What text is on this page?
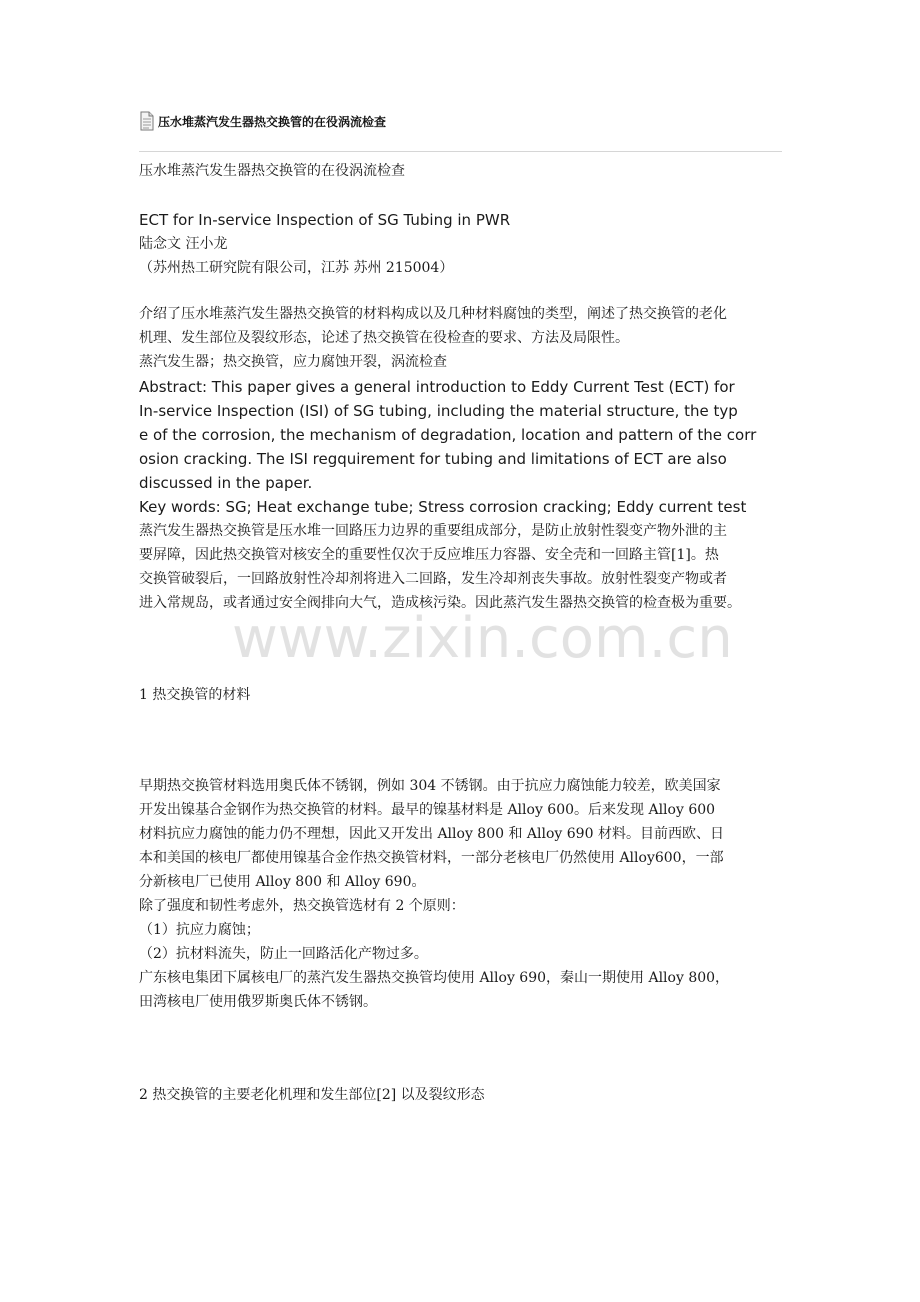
压水堆蒸汽发生器热交换管的在役涡流检查
压水堆蒸汽发生器热交换管的在役涡流检查
ECT for In-service Inspection of SG Tubing in PWR
陆念文 汪小龙
（苏州热工研究院有限公司，江苏 苏州 215004）
介绍了压水堆蒸汽发生器热交换管的材料构成以及几种材料腐蚀的类型，阐述了热交换管的老化
机理、发生部位及裂纹形态，论述了热交换管在役检查的要求、方法及局限性。
蒸汽发生器；热交换管，应力腐蚀开裂，涡流检查
Abstract: This paper gives a general introduction to Eddy Current Test (ECT) for
In-service Inspection (ISI) of SG tubing, including the material structure, the typ
e of the corrosion, the mechanism of degradation, location and pattern of the corr
osion cracking. The ISI regquirement for tubing and limitations of ECT are also
discussed in the paper.
Key words: SG; Heat exchange tube; Stress corrosion cracking; Eddy current test
蒸汽发生器热交换管是压水堆一回路压力边界的重要组成部分，是防止放射性裂变产物外泄的主
要屏障，因此热交换管对核安全的重要性仅次于反应堆压力容器、安全壳和一回路主管[1]。热
交换管破裂后，一回路放射性冷却剂将进入二回路，发生冷却剂丧失事故。放射性裂变产物或者
进入常规岛，或者通过安全阀排向大气，造成核污染。因此蒸汽发生器热交换管的检查极为重要。
1 热交换管的材料
早期热交换管材料选用奥氏体不锈钢，例如 304 不锈钢。由于抗应力腐蚀能力较差，欧美国家
开发出镍基合金钢作为热交换管的材料。最早的镍基材料是 Alloy 600。后来发现 Alloy 600
材料抗应力腐蚀的能力仍不理想，因此又开发出 Alloy 800 和 Alloy 690 材料。目前西欧、日
本和美国的核电厂都使用镍基合金作热交换管材料，一部分老核电厂仍然使用 Alloy600，一部
分新核电厂已使用 Alloy 800 和 Alloy 690。
除了强度和韧性考虑外，热交换管选材有 2 个原则：
（1）抗应力腐蚀；
（2）抗材料流失，防止一回路活化产物过多。
广东核电集团下属核电厂的蒸汽发生器热交换管均使用 Alloy 690，秦山一期使用 Alloy 800，
田湾核电厂使用俄罗斯奥氏体不锈钢。
2 热交换管的主要老化机理和发生部位[2] 以及裂纹形态
www.zixin.com.cn
